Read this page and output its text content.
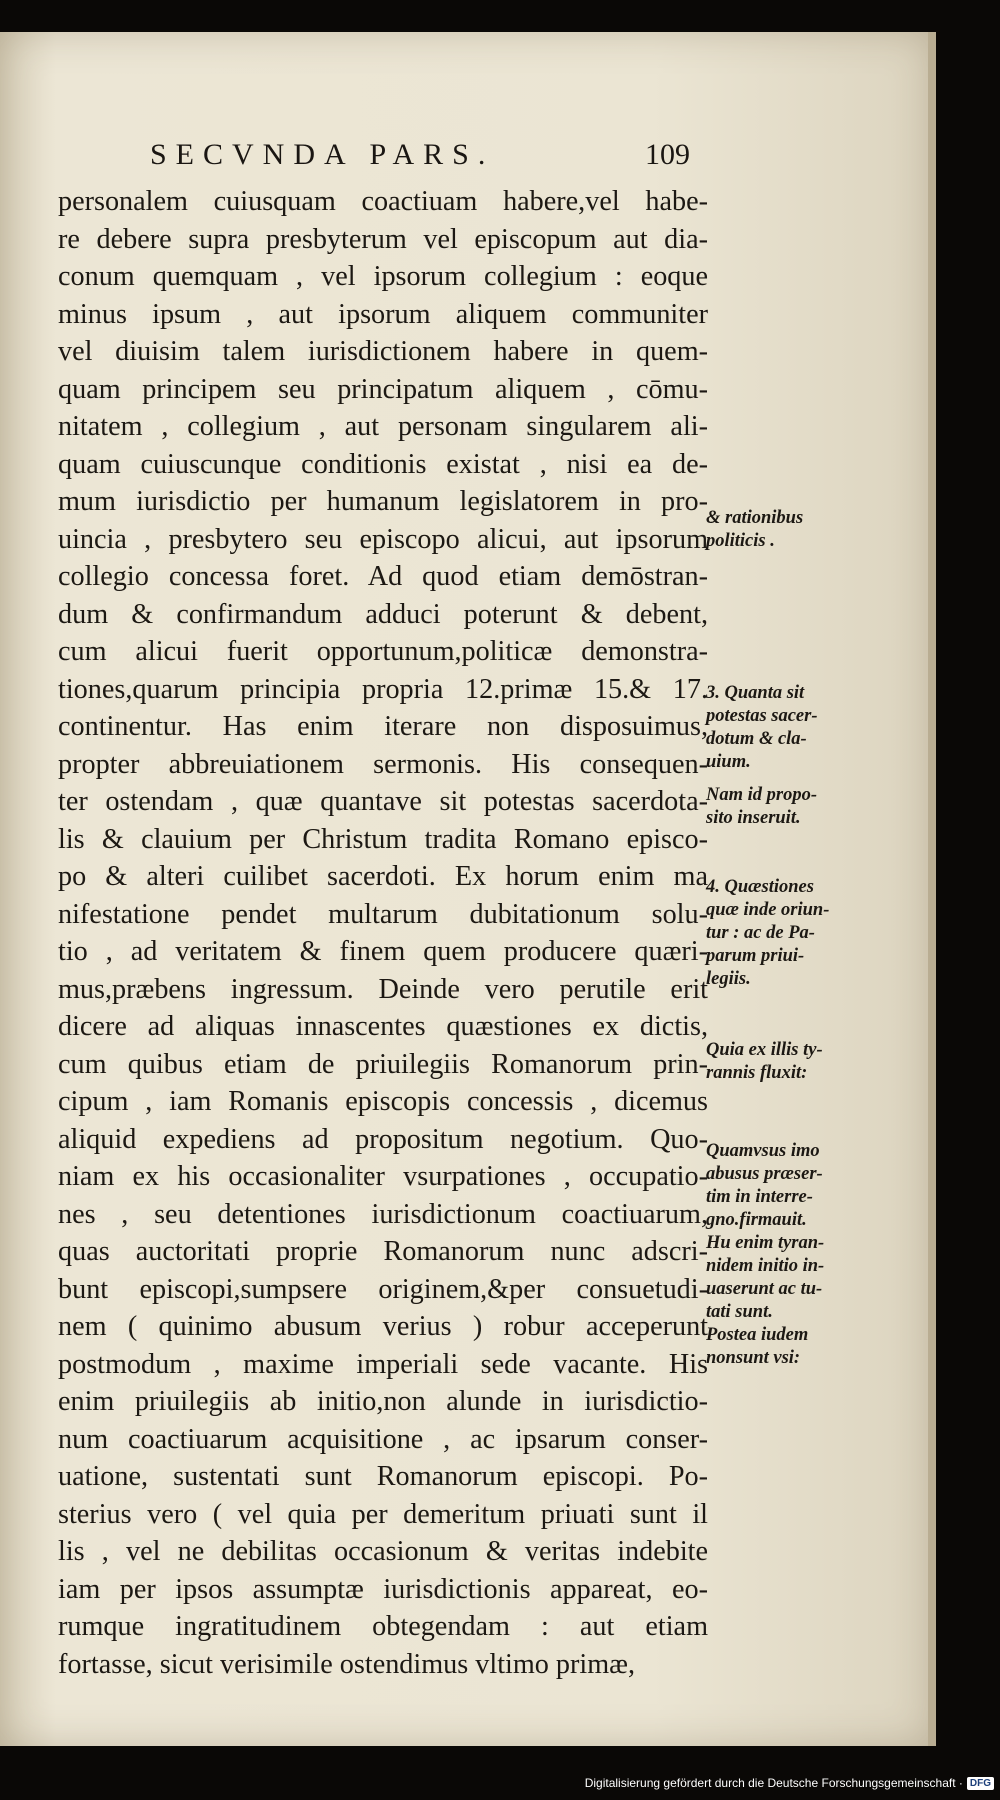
SECVNDA PARS.	109
personalem cuiusquam coactiuam habere,vel habe-
re debere supra presbyterum vel episcopum aut dia-
conum quemquam , vel ipsorum collegium : eoque
minus ipsum , aut ipsorum aliquem communiter
vel diuisim talem iurisdictionem habere in quem-
quam principem seu principatum aliquem , cōmu-
nitatem , collegium , aut personam singularem ali-
quam cuiuscunque conditionis existat , nisi ea de-
mum iurisdictio per humanum legislatorem in pro-
uincia , presbytero seu episcopo alicui, aut ipsorum
collegio concessa foret. Ad quod etiam demōstran-
dum & confirmandum adduci poterunt & debent,
cum alicui fuerit opportunum,politicæ demonstra-
tiones,quarum principia propria 12.primæ 15.& 17.
continentur. Has enim iterare non disposuimus,
propter abbreuiationem sermonis. His consequen-
ter ostendam , quæ quantave sit potestas sacerdota-
lis & clauium per Christum tradita Romano episco-
po & alteri cuilibet sacerdoti. Ex horum enim ma
nifestatione pendet multarum dubitationum solu-
tio , ad veritatem & finem quem producere quæri-
mus,præbens ingressum. Deinde vero perutile erit
dicere ad aliquas innascentes quæstiones ex dictis,
cum quibus etiam de priuilegiis Romanorum prin-
cipum , iam Romanis episcopis concessis , dicemus
aliquid expediens ad propositum negotium. Quo-
niam ex his occasionaliter vsurpationes , occupatio-
nes , seu detentiones iurisdictionum coactiuarum,
quas auctoritati proprie Romanorum nunc adscri-
bunt episcopi,sumpsere originem,&per consuetudi-
nem ( quinimo abusum verius ) robur acceperunt
postmodum , maxime imperiali sede vacante. His
enim priuilegiis ab initio,non alunde in iurisdictio-
num coactiuarum acquisitione , ac ipsarum conser-
uatione, sustentati sunt Romanorum episcopi. Po-
sterius vero ( vel quia per demeritum priuati sunt il
lis , vel ne debilitas occasionum & veritas indebite
iam per ipsos assumptæ iurisdictionis appareat, eo-
rumque ingratitudinem obtegendam : aut etiam
fortasse, sicut verisimile ostendimus vltimo primæ,
& rationibus
politicis .
3. Quanta sit
potestas sacer-
dotum & cla-
uium.
Nam id propo-
sito inseruit.
4. Quæstiones
quæ inde oriun-
tur : ac de Pa-
parum priui-
legiis.
Quia ex illis ty-
rannis fluxit:
Quamvsus imo
abusus præser-
tim in interre-
gno.firmauit.
Hu enim tyran-
nidem initio in-
uaserunt ac tu-
tati sunt.
Postea iudem
nonsunt vsi:
Digitalisierung gefördert durch die Deutsche Forschungsgemeinschaft · DFG
